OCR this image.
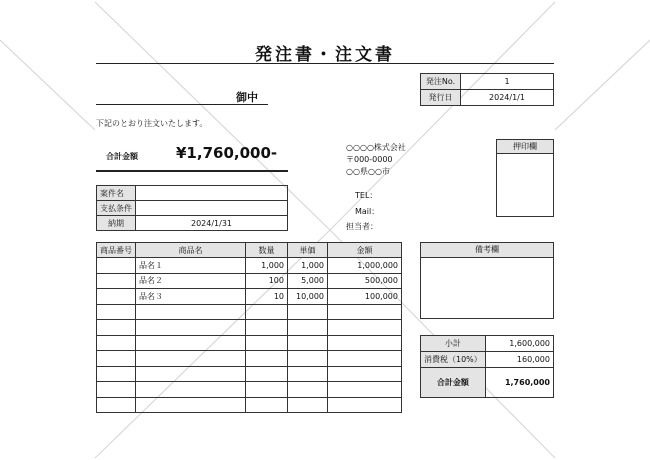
発注書・注文書
御中
発注No.	1
発行日	2024/1/1
下記のとおり注文いたします。
合計金額	¥1,760,000-	○○○○株式会社
〒000-0000
○○県○○市
TEL：
Mail：
担当者：
押印欄
案件名	
支払条件	
納期	2024/1/31
商品番号	商品名	数量	単価	金額
	品名１	1,000	1,000	1,000,000
	品名２	100	5,000	500,000
	品名３	10	10,000	100,000

備考欄
小計	1,600,000
消費税（10%）	160,000
合計金額	1,760,000
